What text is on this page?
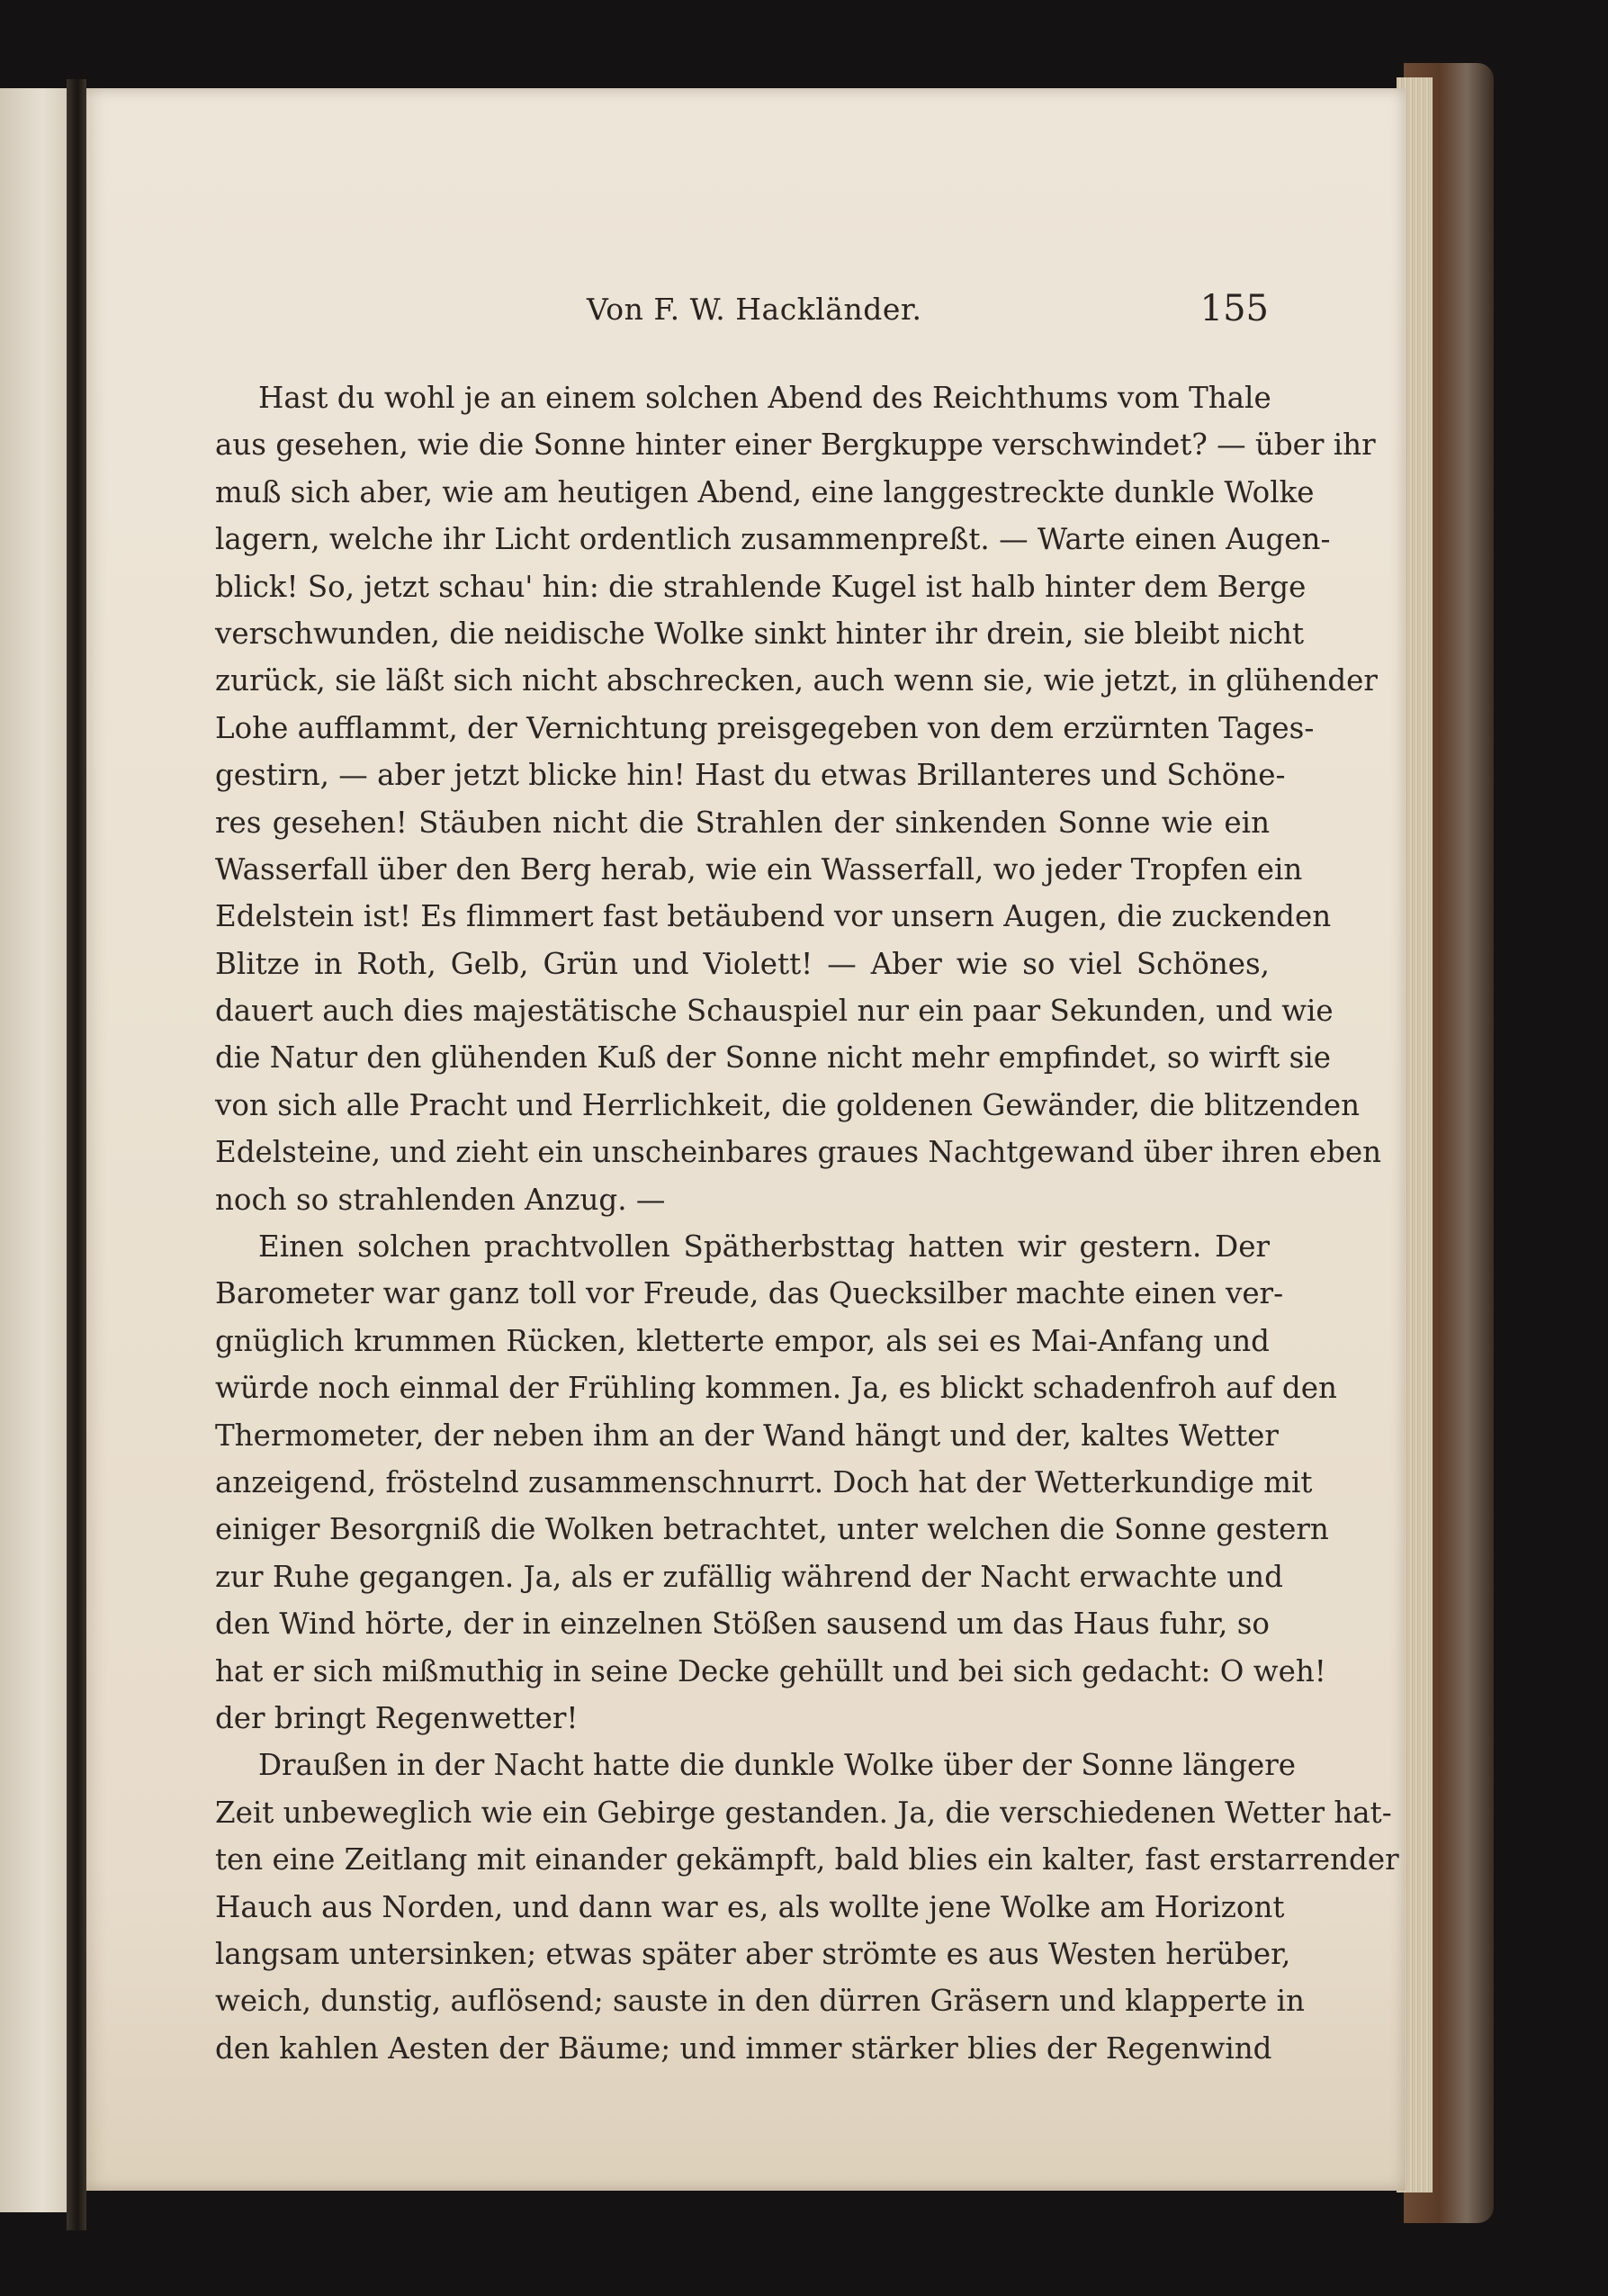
Von F. W. Hackländer.	155
Hast du wohl je an einem solchen Abend des Reichthums vom Thale
aus gesehen, wie die Sonne hinter einer Bergkuppe verschwindet? — über ihr
muß sich aber, wie am heutigen Abend, eine langgestreckte dunkle Wolke
lagern, welche ihr Licht ordentlich zusammenpreßt. — Warte einen Augen-
blick! So, jetzt schau' hin: die strahlende Kugel ist halb hinter dem Berge
verschwunden, die neidische Wolke sinkt hinter ihr drein, sie bleibt nicht
zurück, sie läßt sich nicht abschrecken, auch wenn sie, wie jetzt, in glühender
Lohe aufflammt, der Vernichtung preisgegeben von dem erzürnten Tages-
gestirn, — aber jetzt blicke hin! Hast du etwas Brillanteres und Schöne-
res gesehen! Stäuben nicht die Strahlen der sinkenden Sonne wie ein
Wasserfall über den Berg herab, wie ein Wasserfall, wo jeder Tropfen ein
Edelstein ist! Es flimmert fast betäubend vor unsern Augen, die zuckenden
Blitze in Roth, Gelb, Grün und Violett! — Aber wie so viel Schönes,
dauert auch dies majestätische Schauspiel nur ein paar Sekunden, und wie
die Natur den glühenden Kuß der Sonne nicht mehr empfindet, so wirft sie
von sich alle Pracht und Herrlichkeit, die goldenen Gewänder, die blitzenden
Edelsteine, und zieht ein unscheinbares graues Nachtgewand über ihren eben
noch so strahlenden Anzug. —
Einen solchen prachtvollen Spätherbsttag hatten wir gestern. Der
Barometer war ganz toll vor Freude, das Quecksilber machte einen ver-
gnüglich krummen Rücken, kletterte empor, als sei es Mai-Anfang und
würde noch einmal der Frühling kommen. Ja, es blickt schadenfroh auf den
Thermometer, der neben ihm an der Wand hängt und der, kaltes Wetter
anzeigend, fröstelnd zusammenschnurrt. Doch hat der Wetterkundige mit
einiger Besorgniß die Wolken betrachtet, unter welchen die Sonne gestern
zur Ruhe gegangen. Ja, als er zufällig während der Nacht erwachte und
den Wind hörte, der in einzelnen Stößen sausend um das Haus fuhr, so
hat er sich mißmuthig in seine Decke gehüllt und bei sich gedacht: O weh!
der bringt Regenwetter!
Draußen in der Nacht hatte die dunkle Wolke über der Sonne längere
Zeit unbeweglich wie ein Gebirge gestanden. Ja, die verschiedenen Wetter hat-
ten eine Zeitlang mit einander gekämpft, bald blies ein kalter, fast erstarrender
Hauch aus Norden, und dann war es, als wollte jene Wolke am Horizont
langsam untersinken; etwas später aber strömte es aus Westen herüber,
weich, dunstig, auflösend; sauste in den dürren Gräsern und klapperte in
den kahlen Aesten der Bäume; und immer stärker blies der Regenwind
